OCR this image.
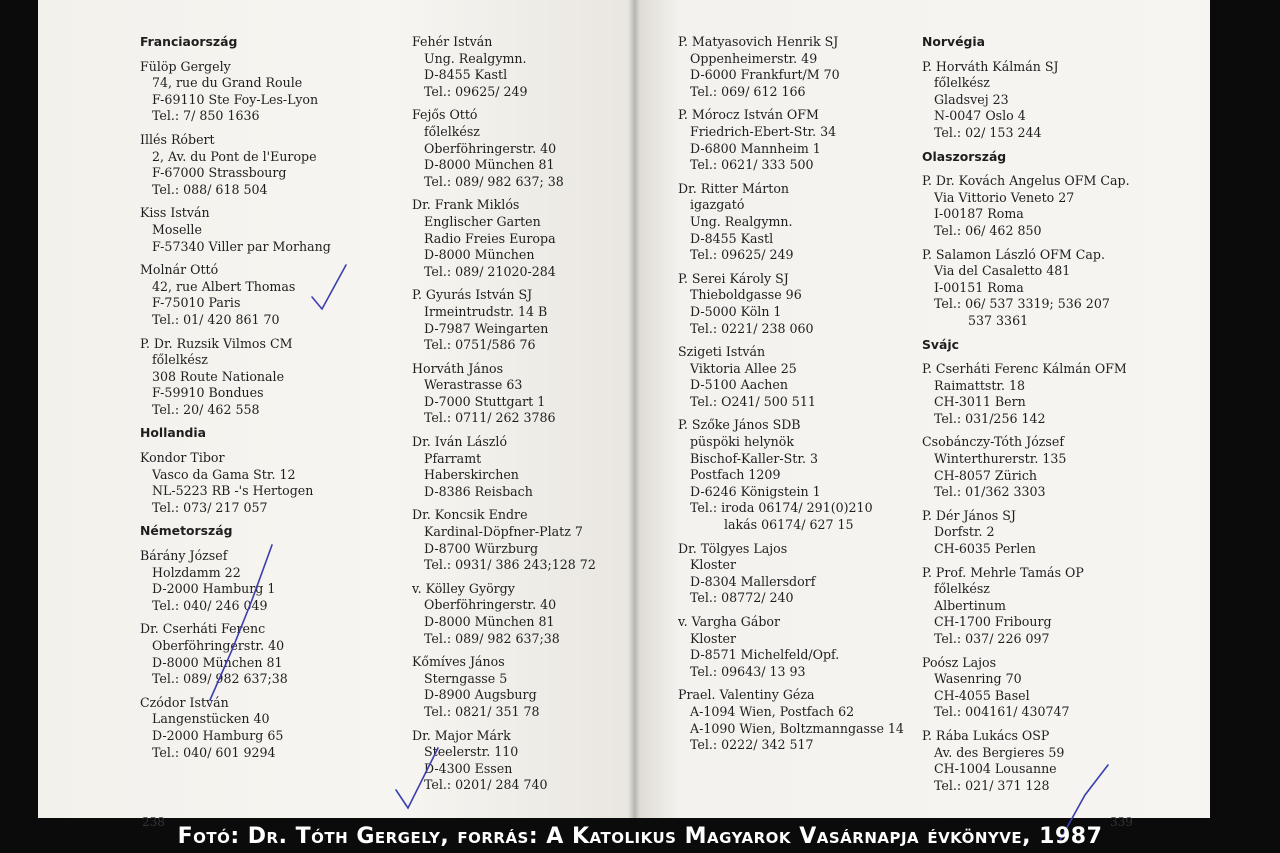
Franciaország
Fülöp Gergely
74, rue du Grand Roule
F-69110 Ste Foy-Les-Lyon
Tel.: 7/ 850 1636
Illés Róbert
2, Av. du Pont de l'Europe
F-67000 Strassbourg
Tel.: 088/ 618 504
Kiss István
Moselle
F-57340 Viller par Morhang
Molnár Ottó
42, rue Albert Thomas
F-75010 Paris
Tel.: 01/ 420 861 70
P. Dr. Ruzsik Vilmos CM
főlelkész
308 Route Nationale
F-59910 Bondues
Tel.: 20/ 462 558
Hollandia
Kondor Tibor
Vasco da Gama Str. 12
NL-5223 RB -'s Hertogen
Tel.: 073/ 217 057
Németország
Bárány József
Holzdamm 22
D-2000 Hamburg 1
Tel.: 040/ 246 049
Dr. Cserháti Ferenc
Oberföhringerstr. 40
D-8000 München 81
Tel.: 089/ 982 637;38
Czódor István
Langenstücken 40
D-2000 Hamburg 65
Tel.: 040/ 601 9294
Fehér István
Ung. Realgymn.
D-8455 Kastl
Tel.: 09625/ 249
Fejős Ottó
főlelkész
Oberföhringerstr. 40
D-8000 München 81
Tel.: 089/ 982 637; 38
Dr. Frank Miklós
Englischer Garten
Radio Freies Europa
D-8000 München
Tel.: 089/ 21020-284
P. Gyurás István SJ
Irmeintrudstr. 14 B
D-7987 Weingarten
Tel.: 0751/586 76
Horváth János
Werastrasse 63
D-7000 Stuttgart 1
Tel.: 0711/ 262 3786
Dr. Iván László
Pfarramt
Haberskirchen
D-8386 Reisbach
Dr. Koncsik Endre
Kardinal-Döpfner-Platz 7
D-8700 Würzburg
Tel.: 0931/ 386 243;128 72
v. Kölley György
Oberföhringerstr. 40
D-8000 München 81
Tel.: 089/ 982 637;38
Kőmíves János
Sterngasse 5
D-8900 Augsburg
Tel.: 0821/ 351 78
Dr. Major Márk
Steelerstr. 110
D-4300 Essen
Tel.: 0201/ 284 740
P. Matyasovich Henrik SJ
Oppenheimerstr. 49
D-6000 Frankfurt/M 70
Tel.: 069/ 612 166
P. Mórocz István OFM
Friedrich-Ebert-Str. 34
D-6800 Mannheim 1
Tel.: 0621/ 333 500
Dr. Ritter Márton
igazgató
Ung. Realgymn.
D-8455 Kastl
Tel.: 09625/ 249
P. Serei Károly SJ
Thieboldgasse 96
D-5000 Köln 1
Tel.: 0221/ 238 060
Szigeti István
Viktoria Allee 25
D-5100 Aachen
Tel.: O241/ 500 511
P. Szőke János SDB
püspöki helynök
Bischof-Kaller-Str. 3
Postfach 1209
D-6246 Königstein 1
Tel.: iroda 06174/ 291(0)210
lakás 06174/ 627 15
Dr. Tölgyes Lajos
Kloster
D-8304 Mallersdorf
Tel.: 08772/ 240
v. Vargha Gábor
Kloster
D-8571 Michelfeld/Opf.
Tel.: 09643/ 13 93
Prael. Valentiny Géza
A-1094 Wien, Postfach 62
A-1090 Wien, Boltzmanngasse 14
Tel.: 0222/ 342 517
Norvégia
P. Horváth Kálmán SJ
főlelkész
Gladsvej 23
N-0047 Oslo 4
Tel.: 02/ 153 244
Olaszország
P. Dr. Kovách Angelus OFM Cap.
Via Vittorio Veneto 27
I-00187 Roma
Tel.: 06/ 462 850
P. Salamon László OFM Cap.
Via del Casaletto 481
I-00151 Roma
Tel.: 06/ 537 3319; 536 207
537 3361
Svájc
P. Cserháti Ferenc Kálmán OFM
Raimattstr. 18
CH-3011 Bern
Tel.: 031/256 142
Csobánczy-Tóth József
Winterthurerstr. 135
CH-8057 Zürich
Tel.: 01/362 3303
P. Dér János SJ
Dorfstr. 2
CH-6035 Perlen
P. Prof. Mehrle Tamás OP
főlelkész
Albertinum
CH-1700 Fribourg
Tel.: 037/ 226 097
Poósz Lajos
Wasenring 70
CH-4055 Basel
Tel.: 004161/ 430747
P. Rába Lukács OSP
Av. des Bergieres 59
CH-1004 Lousanne
Tel.: 021/ 371 128
238	339
Fotó: Dr. Tóth Gergely, forrás: A Katolikus Magyarok Vasárnapja évkönyve, 1987
